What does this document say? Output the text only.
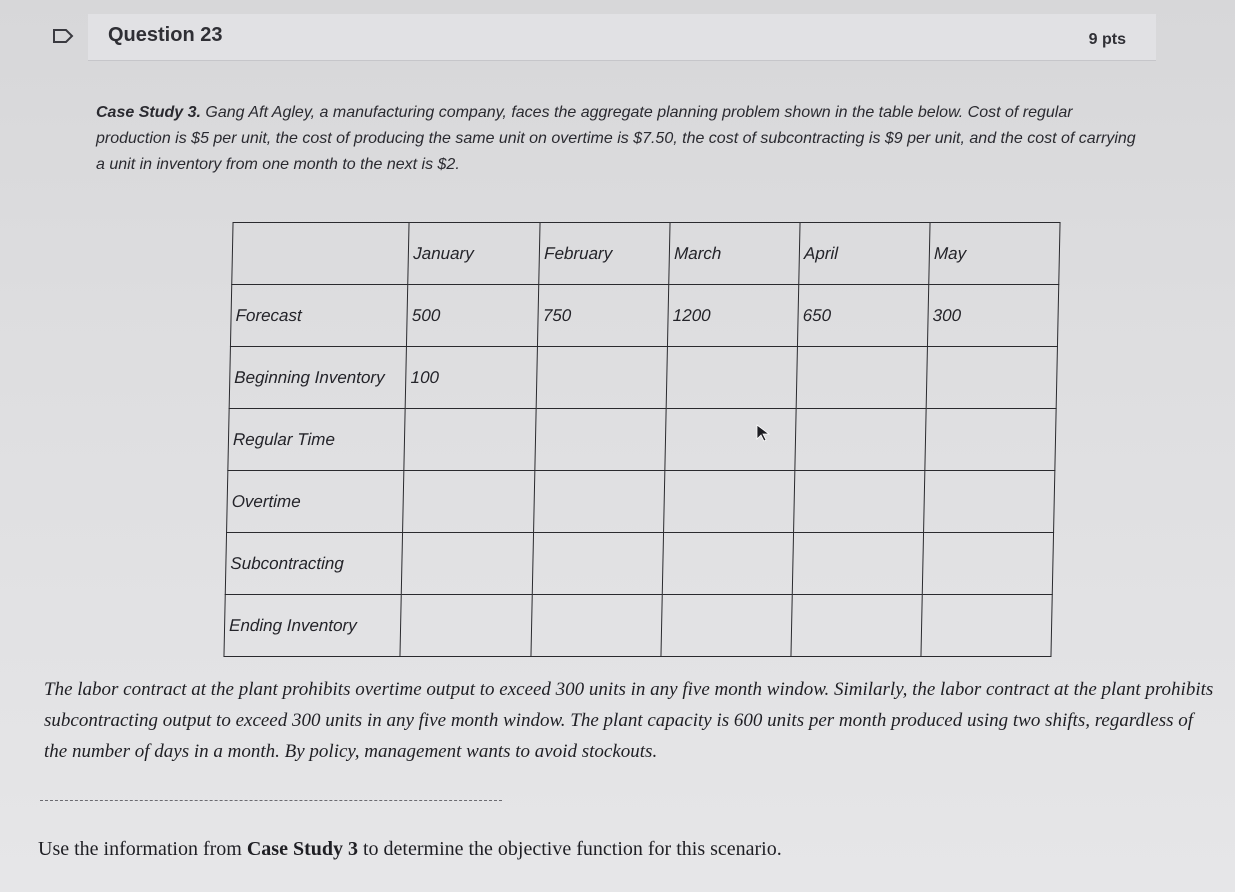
Question 23	9 pts
Case Study 3. Gang Aft Agley, a manufacturing company, faces the aggregate planning problem shown in the table below. Cost of regular production is $5 per unit, the cost of producing the same unit on overtime is $7.50, the cost of subcontracting is $9 per unit, and the cost of carrying a unit in inventory from one month to the next is $2.
	January	February	March	April	May
Forecast	500	750	1200	650	300
Beginning Inventory	100				
Regular Time					
Overtime					
Subcontracting					
Ending Inventory					
The labor contract at the plant prohibits overtime output to exceed 300 units in any five month window. Similarly, the labor contract at the plant prohibits subcontracting output to exceed 300 units in any five month window. The plant capacity is 600 units per month produced using two shifts, regardless of the number of days in a month. By policy, management wants to avoid stockouts.
Use the information from Case Study 3 to determine the objective function for this scenario.
